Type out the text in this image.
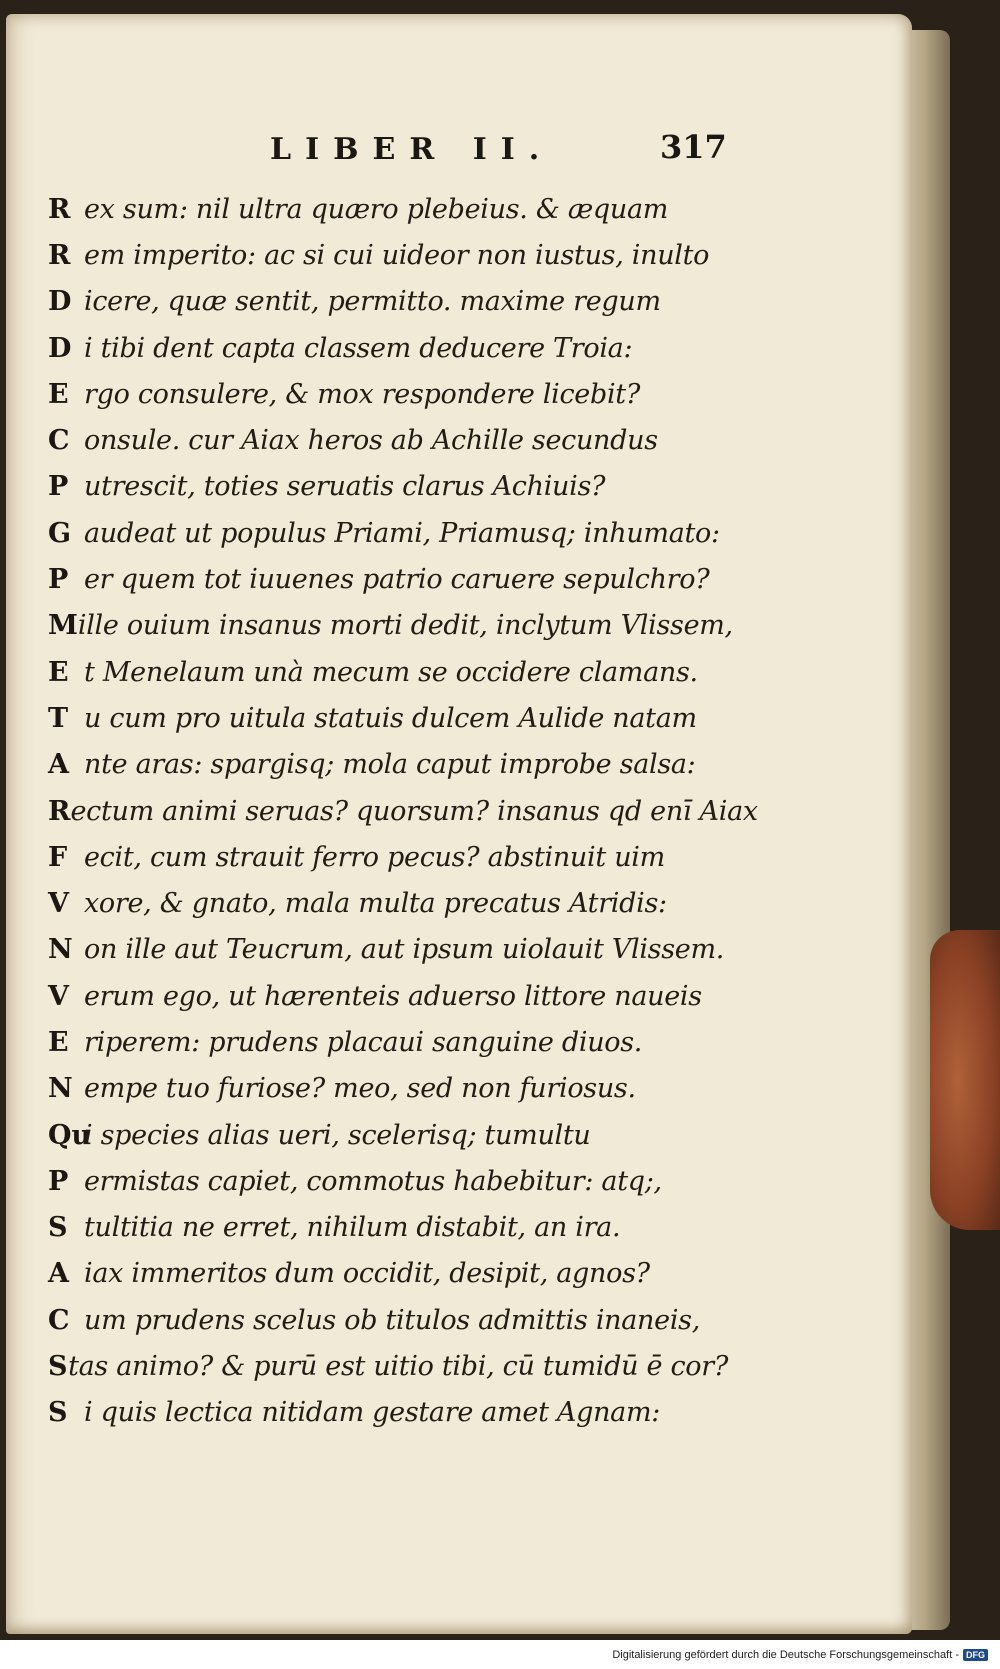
LIBER II.	317
R ex sum: nil ultra quæro plebeius. & æquam
R em imperito: ac si cui uideor non iustus, inulto
D icere, quæ sentit, permitto. maxime regum
D i tibi dent capta classem deducere Troia:
E rgo consulere, & mox respondere licebit?
C onsule. cur Aiax heros ab Achille secundus
P utrescit, toties seruatis clarus Achiuis?
G audeat ut populus Priami, Priamusq; inhumato:
P er quem tot iuuenes patrio caruere sepulchro?
M ille ouium insanus morti dedit, inclytum Vlissem,
E t Menelaum unà mecum se occidere clamans.
T u cum pro uitula statuis dulcem Aulide natam
A nte aras: spargisq; mola caput improbe salsa:
R ectum animi seruas? quorsum? insanus qd enī Aiax
F ecit, cum strauit ferro pecus? abstinuit uim
V xore, & gnato, mala multa precatus Atridis:
N on ille aut Teucrum, aut ipsum uiolauit Vlissem.
V erum ego, ut hærenteis aduerso littore naueis
E riperem: prudens placaui sanguine diuos.
N empe tuo furiose? meo, sed non furiosus.
Qu
i species alias ueri, scelerisq; tumultu
P ermistas capiet, commotus habebitur: atq;,
S tultitia ne erret, nihilum distabit, an ira.
A iax immeritos dum occidit, desipit, agnos?
C um prudens scelus ob titulos admittis inaneis,
S tas animo? & purū est uitio tibi, cū tumidū ē cor?
S i quis lectica nitidam gestare amet Agnam:
Digitalisierung gefördert durch die Deutsche Forschungsgemeinschaft - DFG
